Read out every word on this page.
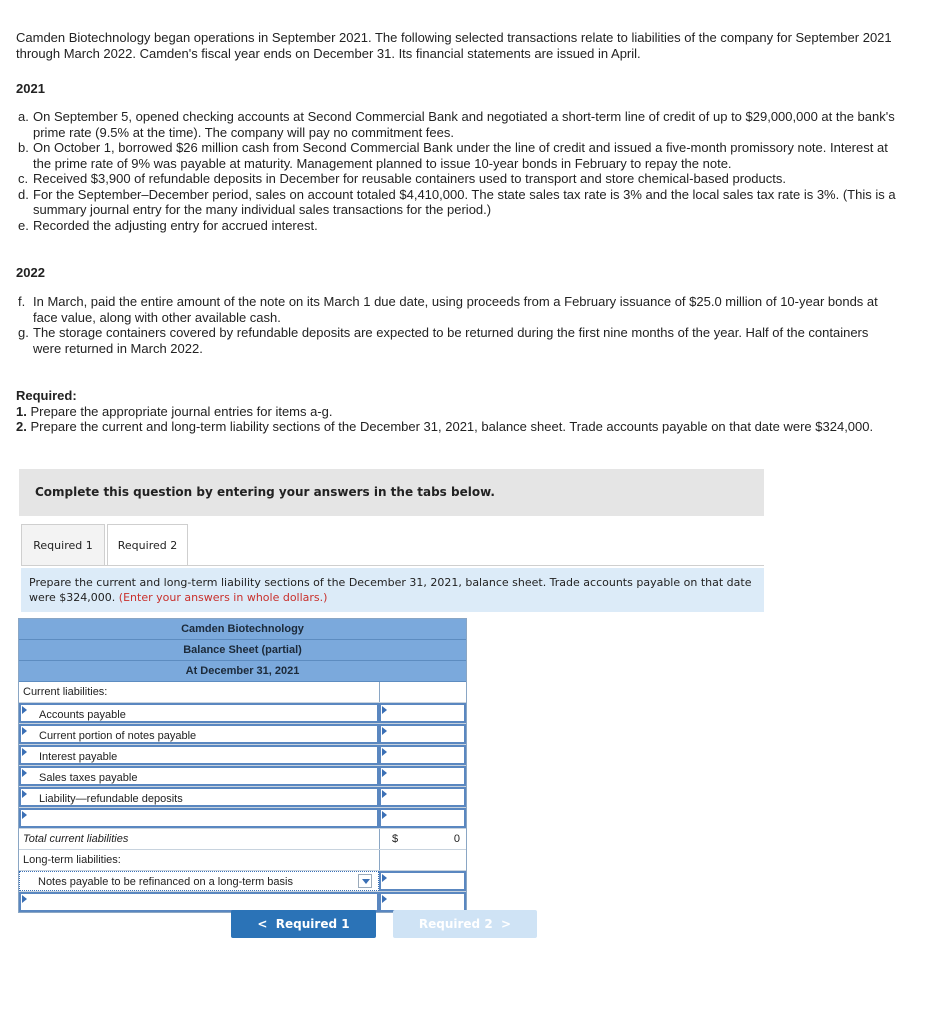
Camden Biotechnology began operations in September 2021. The following selected transactions relate to liabilities of the company for September 2021 through March 2022. Camden's fiscal year ends on December 31. Its financial statements are issued in April.

2021
a. On September 5, opened checking accounts at Second Commercial Bank and negotiated a short-term line of credit of up to $29,000,000 at the bank's prime rate (9.5% at the time). The company will pay no commitment fees.
b. On October 1, borrowed $26 million cash from Second Commercial Bank under the line of credit and issued a five-month promissory note. Interest at the prime rate of 9% was payable at maturity. Management planned to issue 10-year bonds in February to repay the note.
c. Received $3,900 of refundable deposits in December for reusable containers used to transport and store chemical-based products.
d. For the September–December period, sales on account totaled $4,410,000. The state sales tax rate is 3% and the local sales tax rate is 3%. (This is a summary journal entry for the many individual sales transactions for the period.)
e. Recorded the adjusting entry for accrued interest.
2022
f. In March, paid the entire amount of the note on its March 1 due date, using proceeds from a February issuance of $25.0 million of 10-year bonds at face value, along with other available cash.
g. The storage containers covered by refundable deposits are expected to be returned during the first nine months of the year. Half of the containers were returned in March 2022.
Required:
1. Prepare the appropriate journal entries for items a-g.
2. Prepare the current and long-term liability sections of the December 31, 2021, balance sheet. Trade accounts payable on that date were $324,000.
Complete this question by entering your answers in the tabs below.
Required 1	Required 2
Prepare the current and long-term liability sections of the December 31, 2021, balance sheet. Trade accounts payable on that date were $324,000. (Enter your answers in whole dollars.)
Camden Biotechnology
Balance Sheet (partial)
At December 31, 2021
Current liabilities:
Accounts payable
Current portion of notes payable
Interest payable
Sales taxes payable
Liability—refundable deposits
Total current liabilities	$	0
Long-term liabilities:
Notes payable to be refinanced on a long-term basis
< Required 1	Required 2 >
